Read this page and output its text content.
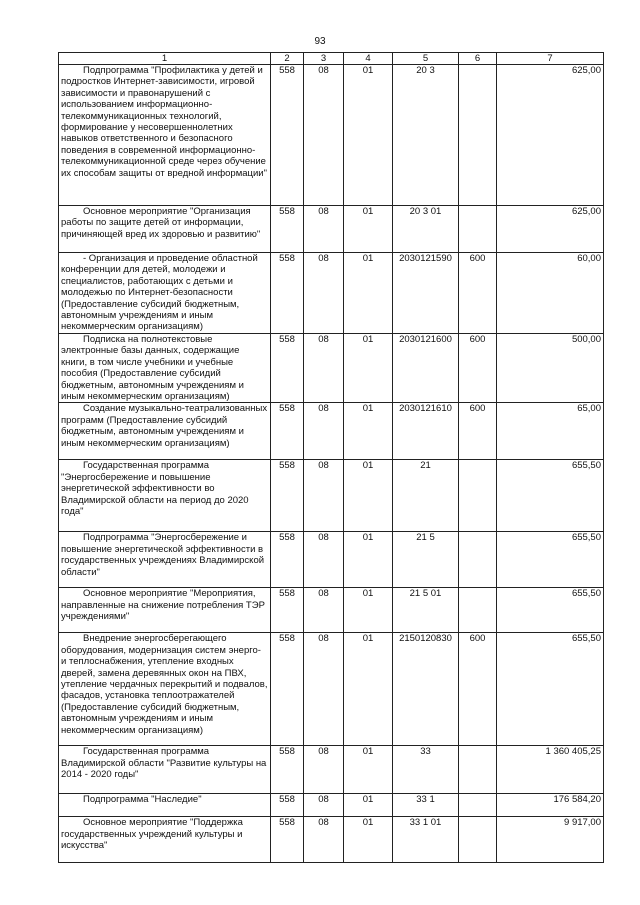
93
1	2	3	4	5	6	7

Подпрограмма "Профилактика у детей и подростков Интернет-зависимости, игровой зависимости и правонарушений с использованием информационно-телекоммуникационных технологий, формирование у несовершеннолетних навыков ответственного и безопасного поведения в современной информационно-телекоммуникационной среде через обучение их способам защиты от вредной информации"	558	08	01	20 3		625,00

Основное мероприятие "Организация работы по защите детей от информации, причиняющей вред их здоровью и развитию"	558	08	01	20 3 01		625,00

- Организация и проведение областной конференции для детей, молодежи и специалистов, работающих с детьми и молодежью по Интернет-безопасности (Предоставление субсидий бюджетным, автономным учреждениям и иным некоммерческим организациям)	558	08	01	2030121590	600	60,00

Подписка на полнотекстовые электронные базы данных, содержащие книги, в том числе учебники и учебные пособия (Предоставление субсидий бюджетным, автономным учреждениям и иным некоммерческим организациям)	558	08	01	2030121600	600	500,00

Создание музыкально-театрализованных программ (Предоставление субсидий бюджетным, автономным учреждениям и иным некоммерческим организациям)	558	08	01	2030121610	600	65,00

Государственная программа "Энергосбережение и повышение энергетической эффективности во Владимирской области на период до 2020 года"	558	08	01	21		655,50

Подпрограмма "Энергосбережение и повышение энергетической эффективности в государственных учреждениях Владимирской области"	558	08	01	21 5		655,50

Основное мероприятие "Мероприятия, направленные на снижение потребления ТЭР учреждениями"	558	08	01	21 5 01		655,50

Внедрение энергосберегающего оборудования, модернизация систем энерго- и теплоснабжения, утепление входных дверей, замена деревянных окон на ПВХ, утепление чердачных перекрытий и подвалов, фасадов, установка теплоотражателей (Предоставление субсидий бюджетным, автономным учреждениям и иным некоммерческим организациям)	558	08	01	2150120830	600	655,50

Государственная программа Владимирской области "Развитие культуры на 2014 - 2020 годы"	558	08	01	33		1 360 405,25

Подпрограмма "Наследие"	558	08	01	33 1		176 584,20

Основное мероприятие "Поддержка государственных учреждений культуры и искусства"	558	08	01	33 1 01		9 917,00
